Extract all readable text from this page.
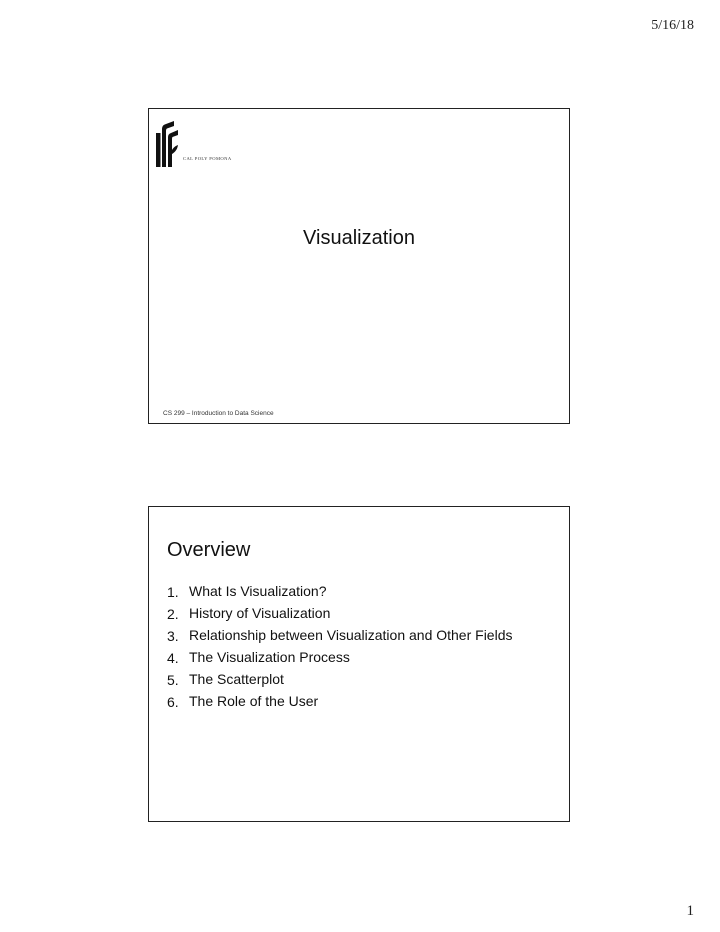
5/16/18
CAL POLY POMONA
Visualization
CS 299 – Introduction to Data Science
Overview
1. What Is Visualization?
2. History of Visualization
3. Relationship between Visualization and Other Fields
4. The Visualization Process
5. The Scatterplot
6. The Role of the User
1
